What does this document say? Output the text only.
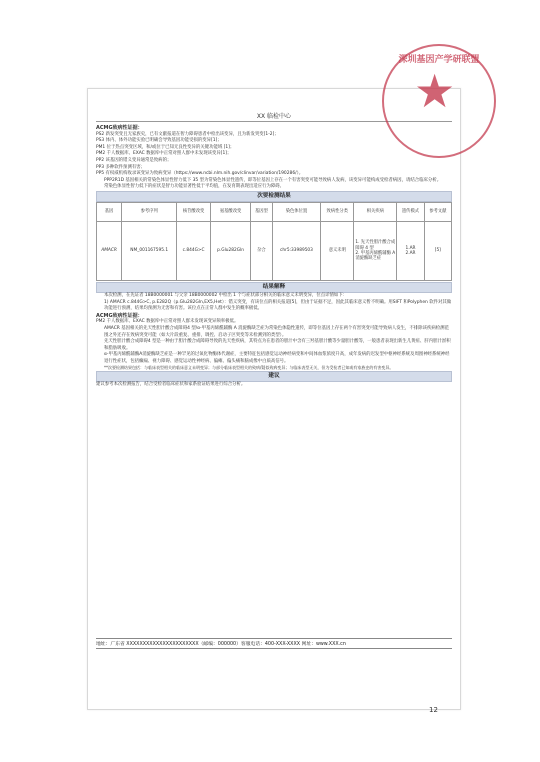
XX 临检中心

ACMG致病性证据：

PS2 新发突变且无家族史，已有文献报道在智力障碍患者中检出该变异，且为新发突变[1-2]；

PS3 体内、体外功能实验已明确会导致基因功能受损的变异[1]；

PM1 位于热点突变区域，和/或位于已知无良性变异的关键功能域 [1]；

PM2 千人数据库、EXAC 数据库中正常对照人群中未发现该变异[1]；

PP2 该基因的错义变异通常是致病的；

PP3 多种软件预测有害；

PP5 有权威机构收录该变异为致病变异（https://www.ncbi.nlm.nih.gov/clinvar/variation/190286/）。

PPP2R1D 基因相关的常染色体显性智力低下 35 型为常染色体显性遗传，即等位基因上存在一个有害突变可能导致病人发病，该变异可能构成受检者病因，请结合临床分析。

常染色体显性智力低下的症状是智力功能显著性低于平均值，在发育期表现出适应行为障碍。

次要检测结果
基因	参考序列	核苷酸改变	氨基酸改变	基因型	染色体位置	致病性分类	相关疾病	遗传模式	参考文献
AMACR	NM_001167595.1	c.844G>C	p.Glu282Gln	杂合	chr5:33989503	意义未明	1. 先天性胆汁酸合成障碍 4 型
2. 甲基丙烯酰辅酶 A 消旋酶缺乏症	1.AR
2.AR	[5]
结果解释

本次检测，在先证者 18B0000001 与父亲 18B0000002 中检出 1 个与症状部分相关的临床意义未明变异，位点详情如下：

1) AMACR c.844G>C, p.E282Q（p.Glu282Gln,EX5,Het）：错义突变，有该位点的相关报道[5]，但由于证据不足，因此其临床意义暂不明确。用SIFT 和Polyphen 软件对其做功能进行预测，结果均预测为无害和有害。该位点在正常人群中发生的概率极低。

ACMG致病性证据：

PM2 千人数据库、EXAC 数据库中正常对照人群未发现该变异频率极低。

AMACR 基因相关的先天性胆汁酸合成障碍4 型/α-甲基丙烯酰辅酶 A 消旋酶缺乏症为常染色体隐性遗传，即等位基因上存在两个有害突变可能导致病人发生，不排除该疾病检测范围之外还存在致病突变可能（如大片段重复、重排，调控、启动子区突变等未检测到的类型）。

先天性胆汁酸合成障碍4 型是一种由于胆汁酸合成障碍导致的先天性疾病，其特点为在患者的胆汁中含有三羟基胆汁酸等少量胆汁酸等，一般患者表现出新生儿黄疸、肝内胆汁淤积和脂肪吸收。

α-甲基丙烯酰辅酶A消旋酶缺乏症是一种罕见的过氧化物酶体代谢症，主要特征包括感觉运动神经病变和中间体血浆浓度升高，成年发病的迟发型中枢神经系统及周围神经系统神经退行性症状，包括癫痫、视力障碍、感觉运动性神经病、偏瘫、偏头痛和脑成像中白质高信号。

**次要检测结果包括：与临床表型相关的临床意义未明变异；与部分临床表型相关的致病/疑似致病变异；与临床表型无关，但为受检者已知或有家族史的有害变异。

建议

建议参考本次检测报告，结合受检者临床症状和家系验证结果进行综合分析。

地址：广东省 XXXXXXXXXXXXXXXXXXXXXX（邮编：000000）客服电话：400-XXX-XXXX 网址：www.XXX.cn
深圳基因产学研联盟
★
12
